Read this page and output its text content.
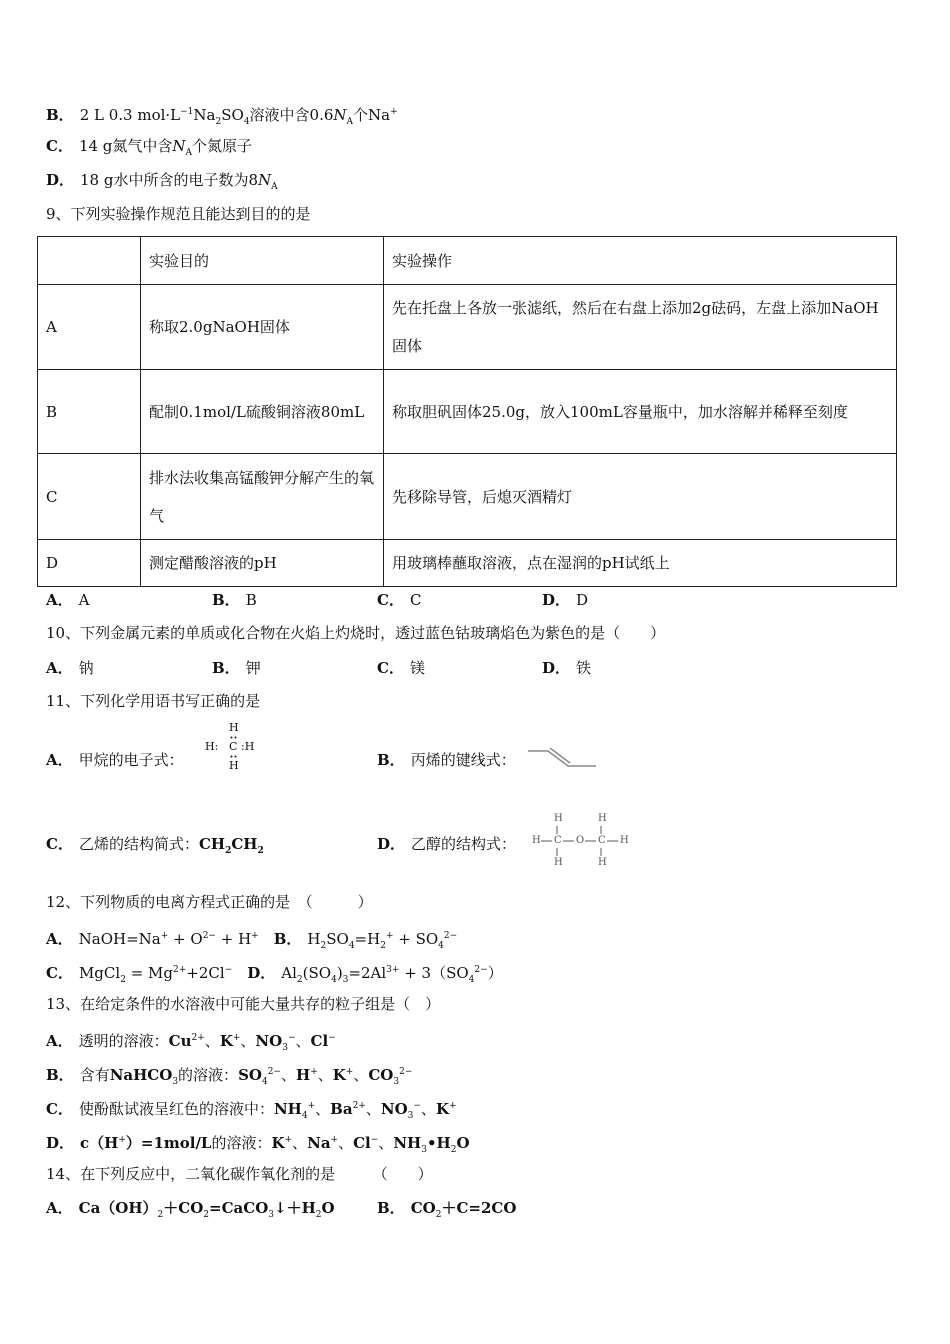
B． 2 L 0.3 $mol\cdot L^{-1}Na_2SO_4$溶液中含$0.6N_A$个Na+
C． 14 g氮气中含$N_A$个氮原子
D． 18 g水中所含的电子数为$8N_A$
9、下列实验操作规范且能达到目的的是
	实验目的	实验操作
A	称取2.0gNaOH固体	先在托盘上各放一张滤纸，然后在右盘上添加2g砝码，左盘上添加NaOH固体
B	配制0.1mol/L硫酸铜溶液80mL	称取胆矾固体25.0g，放入100mL容量瓶中，加水溶解并稀释至刻度
C	排水法收集高锰酸钾分解产生的氧气	先移除导管，后熄灭酒精灯
D	测定醋酸溶液的pH	用玻璃棒蘸取溶液，点在湿润的pH试纸上
A． A	B． B	C． C	D． D
10、下列金属元素的单质或化合物在火焰上灼烧时，透过蓝色钴玻璃焰色为紫色的是（　　）
A． 钠	B． 钾	C． 镁	D． 铁
11、下列化学用语书写正确的是
A． 甲烷的电子式：
H
H: C :H
H	B． 丙烯的键线式：
C． 乙烯的结构简式：$CH_2CH_2$	D． 乙醇的结构式： H C O C H
H
H
H
H
12、下列物质的电离方程式正确的是　（　　　）
A． NaOH=Na+ + $O^{2-} + H^+$　 B． $H_2SO_4=H_2^+ + SO_4^{2-}$
C． MgCl$_2$ = $Mg^{2+}+2Cl^-$　 D． $Al_2(SO_4)_3=2Al^{3+} + 3(SO_4^{2-})$
13、在给定条件的水溶液中可能大量共存的粒子组是（　）
A． 透明的溶液：$Cu^{2+}$、K+、$NO_3^-$、Cl−
B． 含有NaHCO$_3$的溶液：$SO_4^{2-}$、H+、K+、$CO_3^{2-}$
C． 使酚酞试液呈红色的溶液中：$NH_4^+$、$Ba^{2+}$、$NO_3^-$、K+
D． c（H+）=1mol/L的溶液：K+、Na+、Cl−、$NH_3•H_2O$
14、在下列反应中，二氧化碳作氧化剂的是　　　（　　）
A． $Ca(OH)_2+CO_2=CaCO_3↓+H_2O$	B． $CO_2+C=2CO$
